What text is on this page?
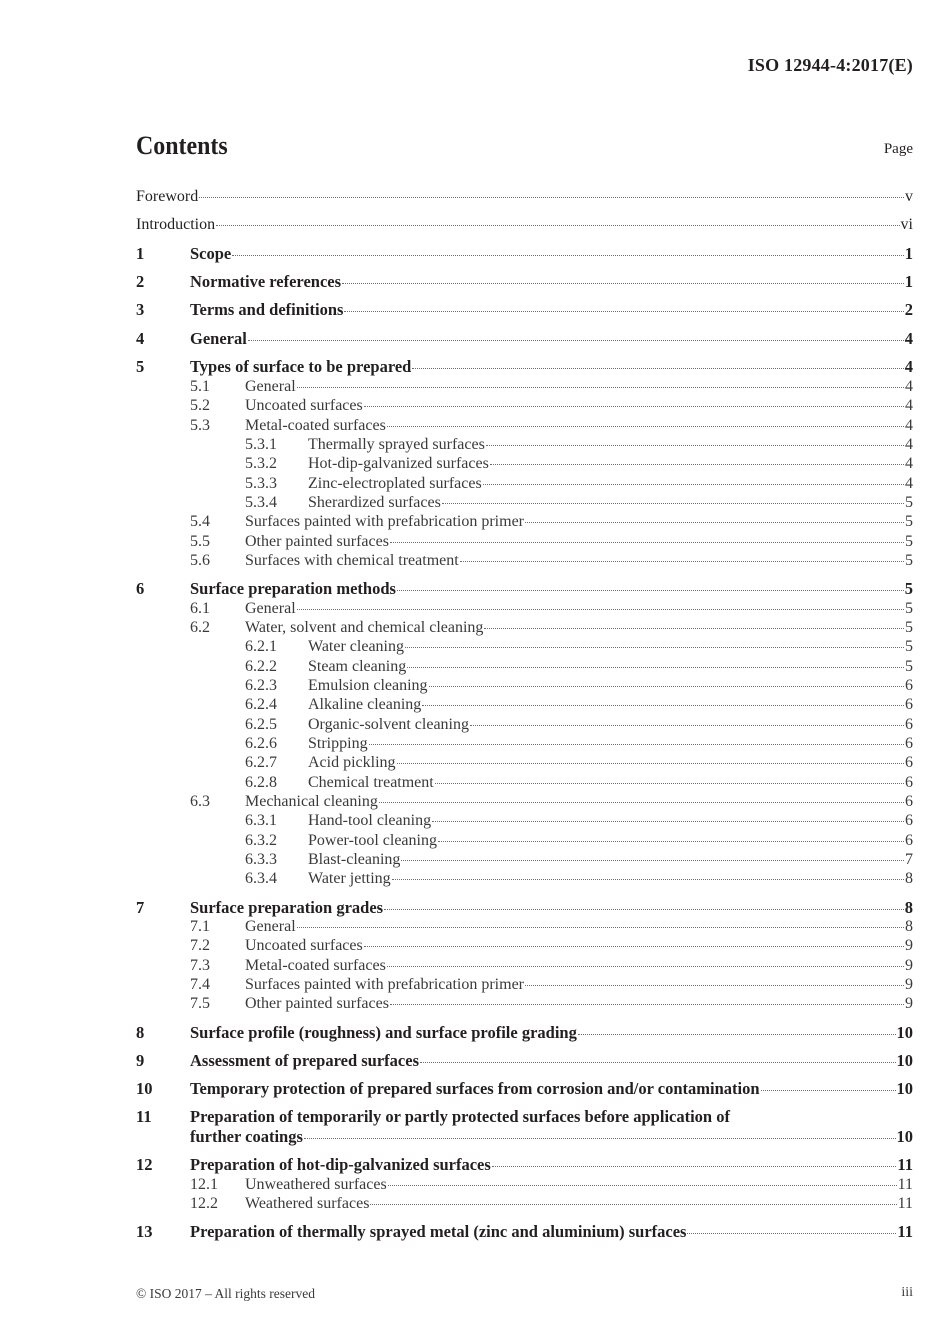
ISO 12944-4:2017(E)
Contents	Page
Foreword	v
Introduction	vi
1	Scope	1
2	Normative references	1
3	Terms and definitions	2
4	General	4
5	Types of surface to be prepared	4
5.1 General	4
5.2 Uncoated surfaces	4
5.3 Metal-coated surfaces	4
5.3.1 Thermally sprayed surfaces	4
5.3.2 Hot-dip-galvanized surfaces	4
5.3.3 Zinc-electroplated surfaces	4
5.3.4 Sherardized surfaces	5
5.4 Surfaces painted with prefabrication primer	5
5.5 Other painted surfaces	5
5.6 Surfaces with chemical treatment	5
6	Surface preparation methods	5
6.1 General	5
6.2 Water, solvent and chemical cleaning	5
6.2.1 Water cleaning	5
6.2.2 Steam cleaning	5
6.2.3 Emulsion cleaning	6
6.2.4 Alkaline cleaning	6
6.2.5 Organic-solvent cleaning	6
6.2.6 Stripping	6
6.2.7 Acid pickling	6
6.2.8 Chemical treatment	6
6.3 Mechanical cleaning	6
6.3.1 Hand-tool cleaning	6
6.3.2 Power-tool cleaning	6
6.3.3 Blast-cleaning	7
6.3.4 Water jetting	8
7	Surface preparation grades	8
7.1 General	8
7.2 Uncoated surfaces	9
7.3 Metal-coated surfaces	9
7.4 Surfaces painted with prefabrication primer	9
7.5 Other painted surfaces	9
8	Surface profile (roughness) and surface profile grading	10
9	Assessment of prepared surfaces	10
10 Temporary protection of prepared surfaces from corrosion and/or contamination	10
11 Preparation of temporarily or partly protected surfaces before application of
further coatings	10
12 Preparation of hot-dip-galvanized surfaces	11
12.1 Unweathered surfaces	11
12.2 Weathered surfaces	11
13 Preparation of thermally sprayed metal (zinc and aluminium) surfaces	11
© ISO 2017 – All rights reserved	iii
